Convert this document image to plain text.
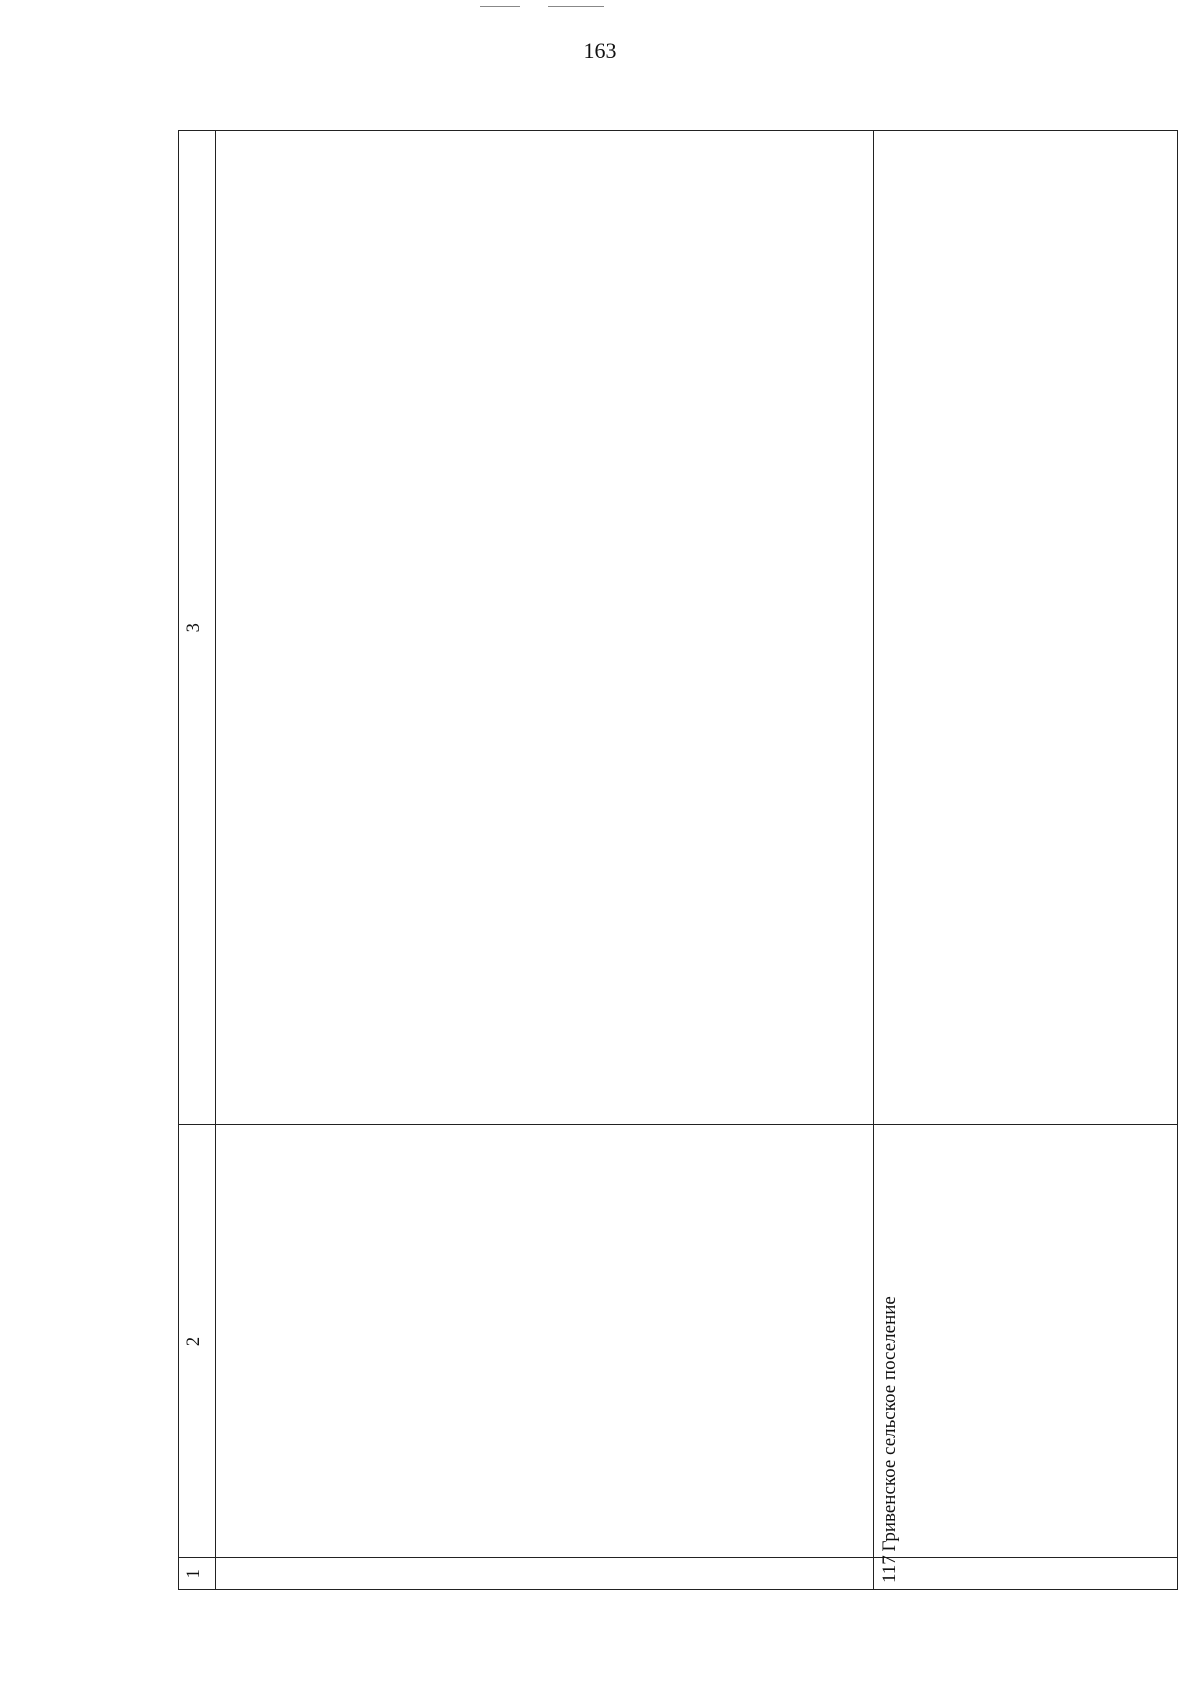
163
1	2	3

117	Гривенское сельское поселение	
